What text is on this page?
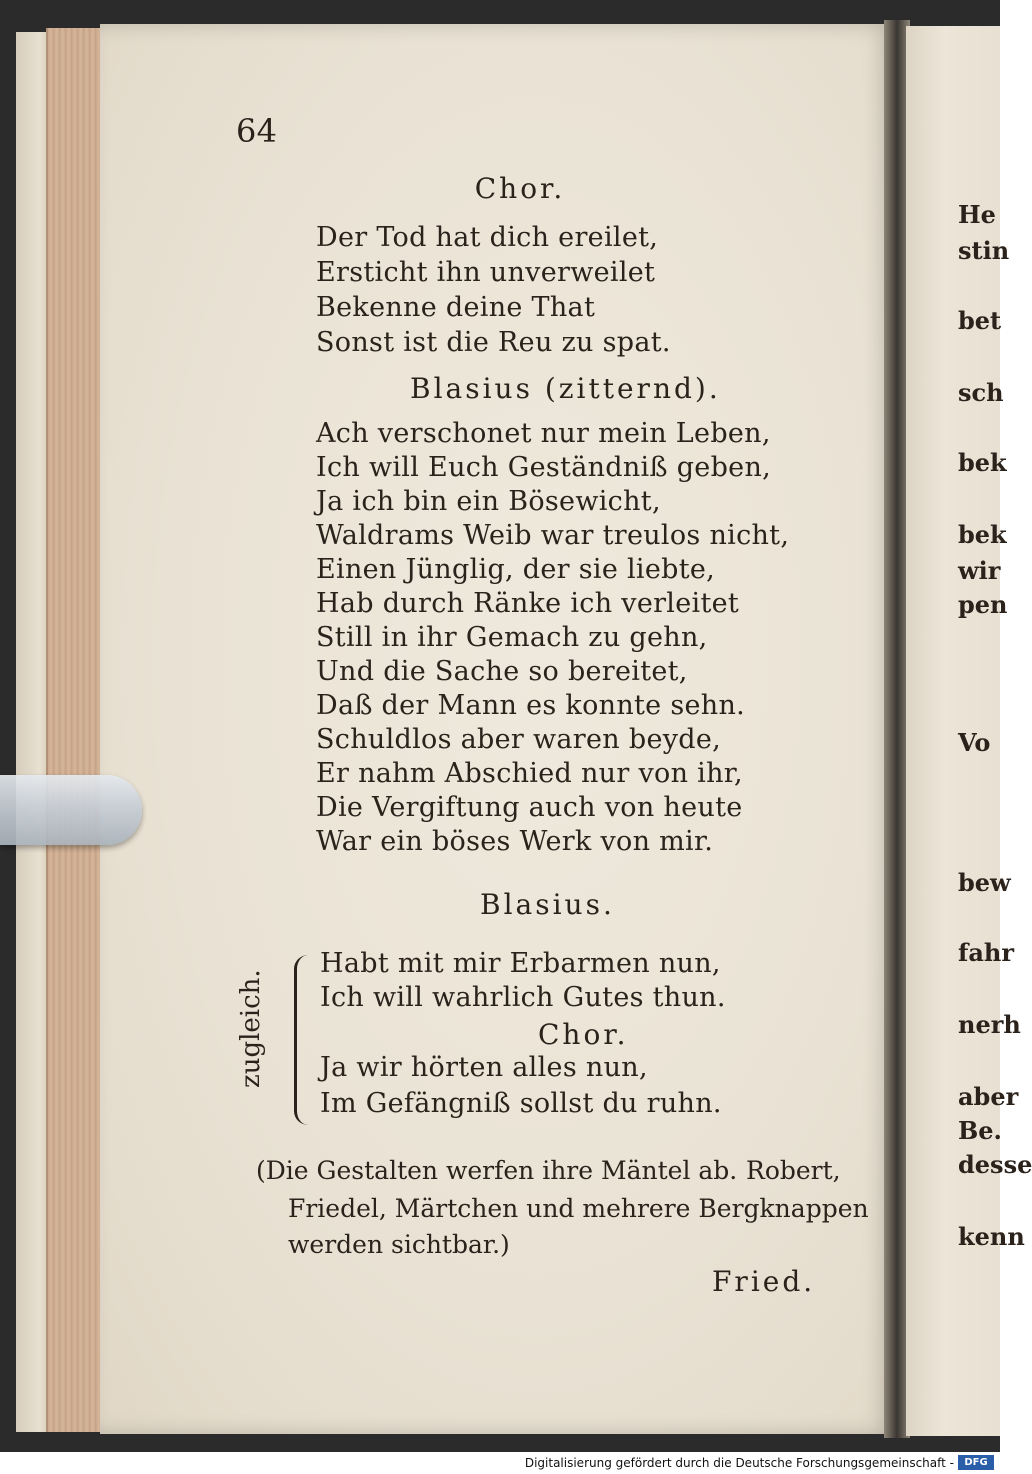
64
Chor.
Der Tod hat dich ereilet,
Ersticht ihn unverweilet
Bekenne deine That
Sonst ist die Reu zu spat.
Blasius (zitternd).
Ach verschonet nur mein Leben,
Ich will Euch Geständniß geben,
Ja ich bin ein Bösewicht,
Waldrams Weib war treulos nicht,
Einen Jünglig, der sie liebte,
Hab durch Ränke ich verleitet
Still in ihr Gemach zu gehn,
Und die Sache so bereitet,
Daß der Mann es konnte sehn.
Schuldlos aber waren beyde,
Er nahm Abschied nur von ihr,
Die Vergiftung auch von heute
War ein böses Werk von mir.
Blasius.
zugleich.
Habt mit mir Erbarmen nun,
Ich will wahrlich Gutes thun.
Chor.
Ja wir hörten alles nun,
Im Gefängniß sollst du ruhn.
(Die Gestalten werfen ihre Mäntel ab. Robert,
Friedel, Märtchen und mehrere Bergknappen
werden sichtbar.)
Fried.
He
stin
bet
sch
bek
bek
wir
pen
Vo
bew
fahr
nerh
aber
Be.
desse
kenn
Digitalisierung gefördert durch die Deutsche Forschungsgemeinschaft -	DFG
